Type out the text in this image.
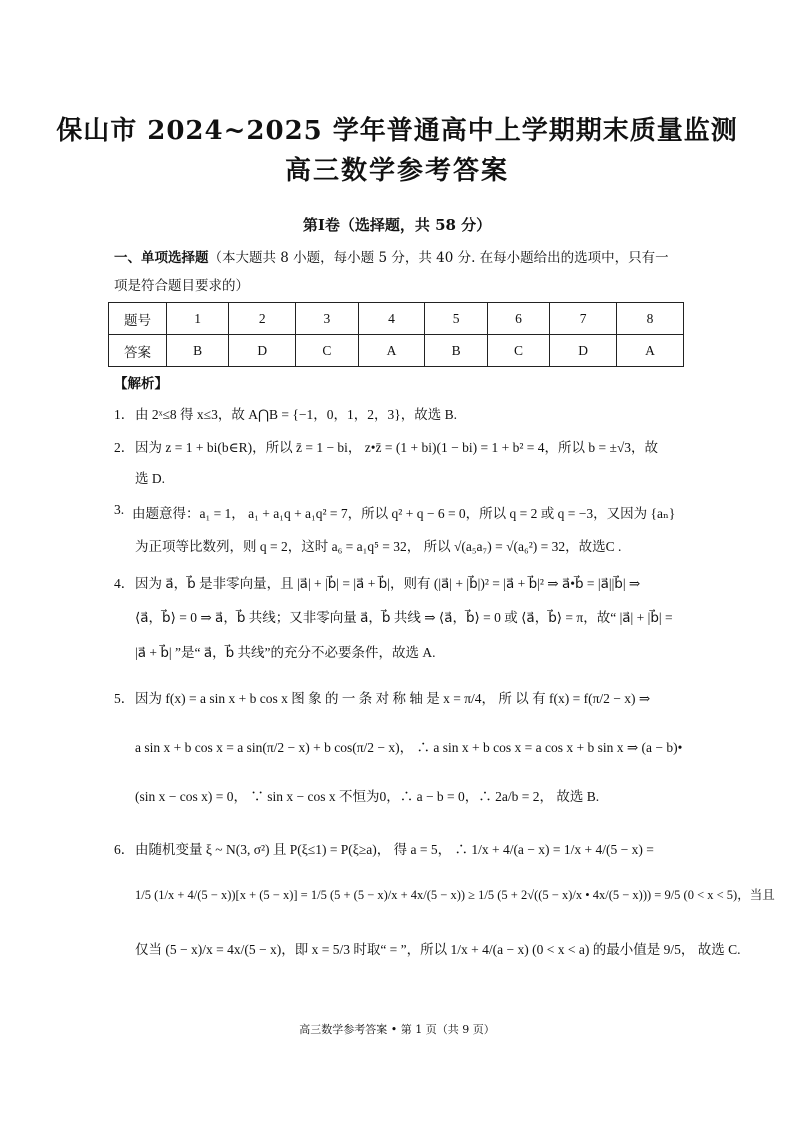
保山市 2024~2025 学年普通高中上学期期末质量监测
高三数学参考答案
第Ⅰ卷（选择题，共 58 分）
一、单项选择题（本大题共 8 小题，每小题 5 分，共 40 分. 在每小题给出的选项中，只有一
项是符合题目要求的）
题号	1	2	3	4	5	6	7	8
答案	B	D	C	A	B	C	D	A
【解析】
1． 由 2ˣ≤8 得 x≤3，故 A⋂B = {−1，0，1，2，3}，故选 B.
2． 因为 z = 1 + bi(b∈R)，所以 z̄ = 1 − bi， z•z̄ = (1 + bi)(1 − bi) = 1 + b² = 4，所以 b = ±√3，故
选 D.
3. 由题意得：a₁ = 1， a₁ + a₁q + a₁q² = 7，所以 q² + q − 6 = 0，所以 q = 2 或 q = −3，又因为 {aₙ}
为正项等比数列，则 q = 2，这时 a₆ = a₁q⁵ = 32， 所以 √(a₅a₇) = √(a₆²) = 32，故选C .
4． 因为 a⃗，b⃗ 是非零向量，且 |a⃗| + |b⃗| = |a⃗ + b⃗|，则有 (|a⃗| + |b⃗|)² = |a⃗ + b⃗|² ⇒ a⃗•b⃗ = |a⃗||b⃗| ⇒
⟨a⃗，b⃗⟩ = 0 ⇒ a⃗，b⃗ 共线；又非零向量 a⃗，b⃗ 共线 ⇒ ⟨a⃗，b⃗⟩ = 0 或 ⟨a⃗，b⃗⟩ = π，故“ |a⃗| + |b⃗| =
|a⃗ + b⃗| ”是“ a⃗，b⃗ 共线”的充分不必要条件，故选 A.
5． 因为 f(x) = a sin x + b cos x 图 象 的 一 条 对 称 轴 是 x = π/4， 所 以 有 f(x) = f(π/2 − x) ⇒
a sin x + b cos x = a sin(π/2 − x) + b cos(π/2 − x)， ∴ a sin x + b cos x = a cos x + b sin x ⇒ (a − b)•
(sin x − cos x) = 0， ∵ sin x − cos x 不恒为0，∴ a − b = 0，∴ 2a/b = 2， 故选 B.
6． 由随机变量 ξ ~ N(3, σ²) 且 P(ξ≤1) = P(ξ≥a)， 得 a = 5， ∴ 1/x + 4/(a − x) = 1/x + 4/(5 − x) =
1/5 (1/x + 4/(5 − x))[x + (5 − x)] = 1/5 (5 + (5 − x)/x + 4x/(5 − x)) ≥ 1/5 (5 + 2√((5 − x)/x • 4x/(5 − x))) = 9/5 (0 < x < 5)，当且
仅当 (5 − x)/x = 4x/(5 − x)，即 x = 5/3 时取“ = ”，所以 1/x + 4/(a − x) (0 < x < a) 的最小值是 9/5， 故选 C.
高三数学参考答案 • 第 1 页（共 9 页）
